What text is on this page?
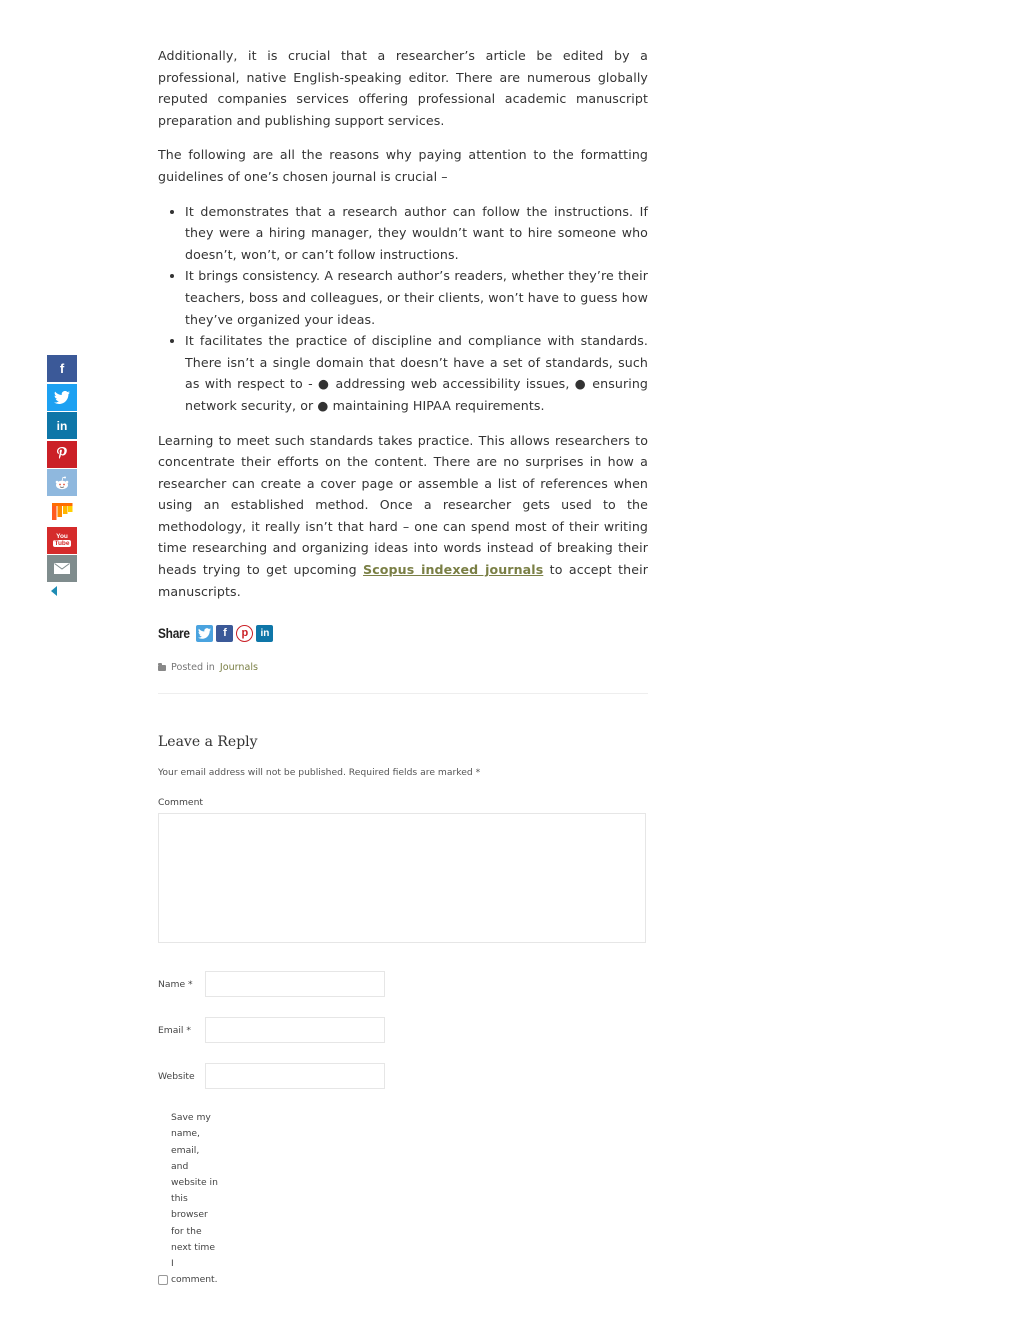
f
in
You
Tube

Additionally, it is crucial that a researcher’s article be edited by a professional, native English-speaking editor. There are numerous globally reputed companies services offering professional academic manuscript preparation and publishing support services.

The following are all the reasons why paying attention to the formatting guidelines of one’s chosen journal is crucial –

• It demonstrates that a research author can follow the instructions. If they were a hiring manager, they wouldn’t want to hire someone who doesn’t, won’t, or can’t follow instructions.
• It brings consistency. A research author’s readers, whether they’re their teachers, boss and colleagues, or their clients, won’t have to guess how they’ve organized your ideas.
• It facilitates the practice of discipline and compliance with standards. There isn’t a single domain that doesn’t have a set of standards, such as with respect to - ● addressing web accessibility issues, ● ensuring network security, or ● maintaining HIPAA requirements.

Learning to meet such standards takes practice. This allows researchers to concentrate their efforts on the content. There are no surprises in how a researcher can create a cover page or assemble a list of references when using an established method. Once a researcher gets used to the methodology, it really isn’t that hard – one can spend most of their writing time researching and organizing ideas into words instead of breaking their heads trying to get upcoming Scopus indexed journals to accept their manuscripts.

Share	f	p	in
Posted in Journals
Leave a Reply
Your email address will not be published. Required fields are marked *
Comment
Name *
Email *
Website
Save my name, email, and website in this browser for the next time I comment.
